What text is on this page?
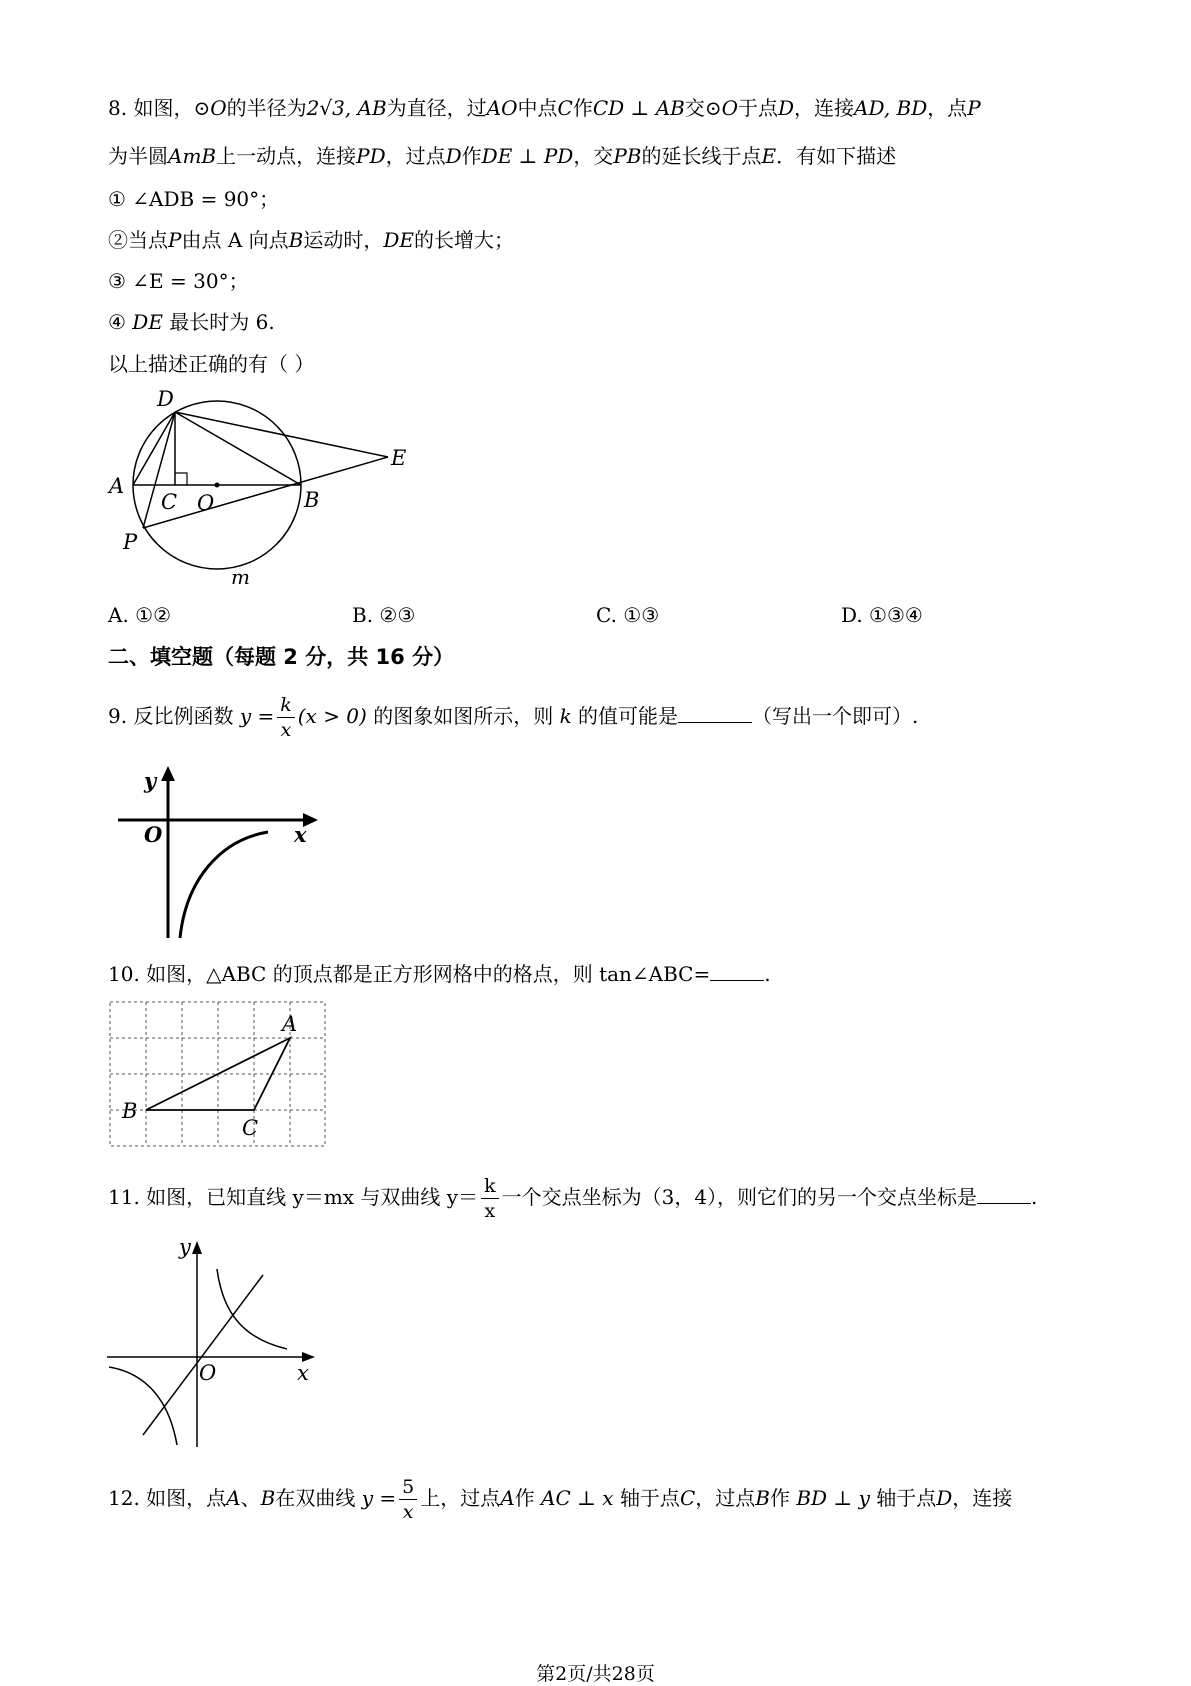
8. 如图，⊙O的半径为2√3, AB为直径，过AO中点C作CD ⊥ AB交⊙O于点D，连接AD, BD，点P
为半圆AmB上一动点，连接PD，过点D作DE ⊥ PD，交PB的延长线于点E．有如下描述
① ∠ADB = 90°；
②当点P由点 A 向点B运动时，DE的长增大；
③ ∠E = 30°；
④ DE 最长时为 6.
以上描述正确的有（ ）
D
A
C O	B
E
P
m
A. ①②	B. ②③	C. ①③	D. ①③④
二、填空题（每题 2 分，共 16 分）
9. 反比例函数 $y = \frac{k}{x} (x > 0)$ 的图象如图所示，则 k 的值可能是	（写出一个即可）.
y
O	x
10. 如图，△ABC 的顶点都是正方形网格中的格点，则 tan∠ABC=	.
A
B
C
11. 如图，已知直线 y＝mx 与双曲线 $y= \frac{k}{x}$ 一个交点坐标为（3，4），则它们的另一个交点坐标是	.
y
O	x
12. 如图，点A、B在双曲线 $y = \frac{5}{x}$ 上，过点A作 AC ⊥ x 轴于点C，过点B作 BD ⊥ y 轴于点D，连接
第2页/共28页
